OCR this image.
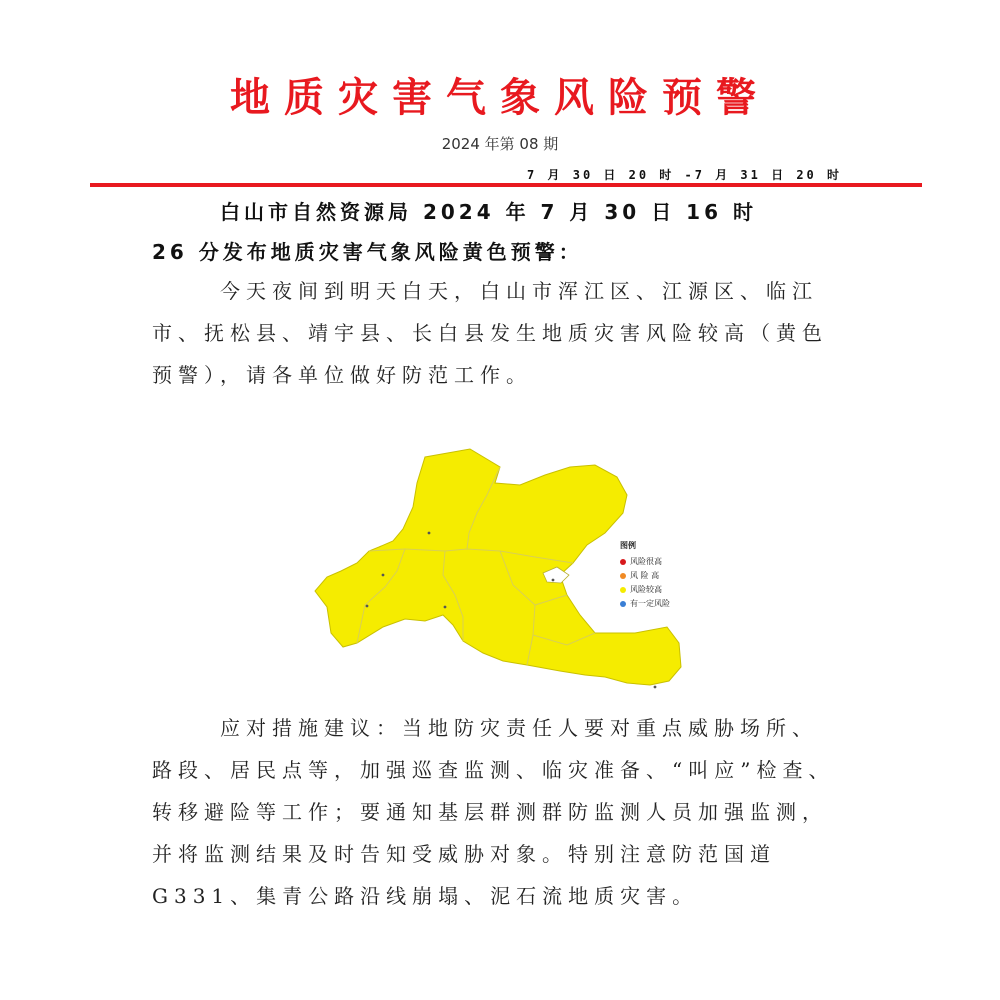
地质灾害气象风险预警
2024 年第 08 期
7 月 30 日 20 时 -7 月 31 日 20 时
白山市自然资源局 2024 年 7 月 30 日 16 时
26 分发布地质灾害气象风险黄色预警：
今天夜间到明天白天，白山市浑江区、江源区、临江市、抚松县、靖宇县、长白县发生地质灾害风险较高（黄色预警），请各单位做好防范工作。
图例
风险很高
风 险 高
风险较高
有一定风险
应对措施建议：当地防灾责任人要对重点威胁场所、路段、居民点等，加强巡查监测、临灾准备、“叫应”检查、转移避险等工作；要通知基层群测群防监测人员加强监测，并将监测结果及时告知受威胁对象。特别注意防范国道 G331、集青公路沿线崩塌、泥石流地质灾害。
